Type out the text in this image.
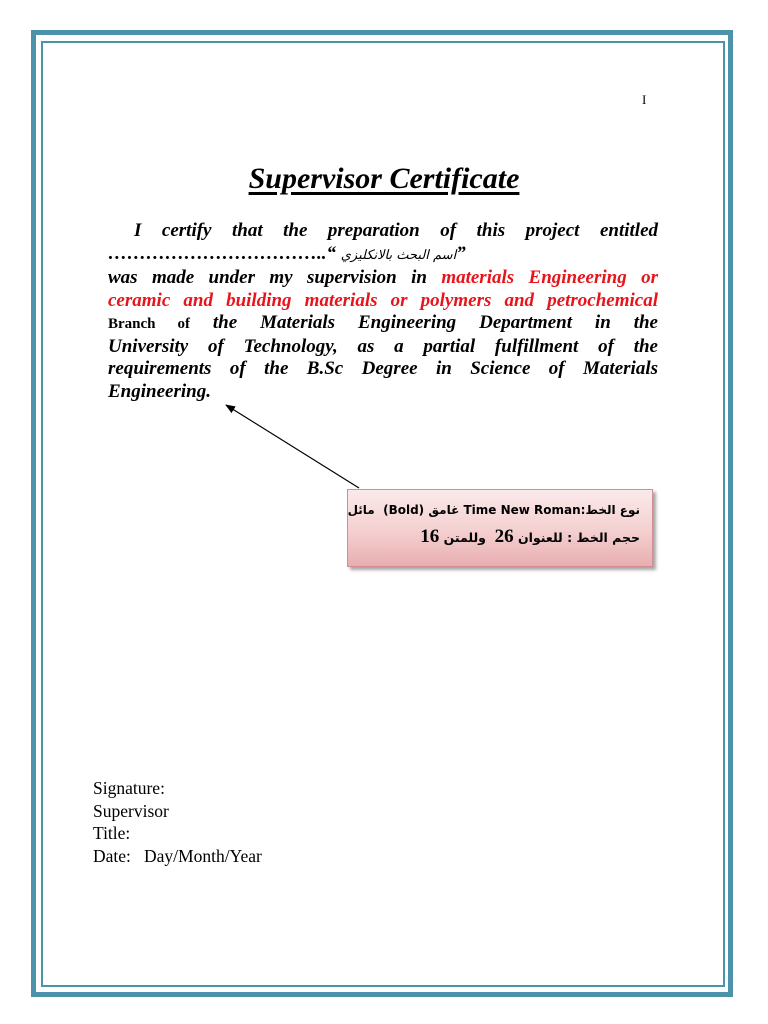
I
Supervisor Certificate
I certify that the preparation of this project entitled
……………………………..“ اسم البحث بالانكليزي”
was made under my supervision in materials Engineering or
ceramic and building materials or polymers and petrochemical
Branch of the Materials Engineering Department in the
University of Technology, as a partial fulfillment of the
requirements of the B.Sc Degree in Science of Materials
Engineering.
نوع الخط:Time New Roman غامق (Bold)  مائل
حجم الخط : للعنوان 26  وللمتن 16
Signature:
Supervisor
Title:
Date: Day/Month/Year
